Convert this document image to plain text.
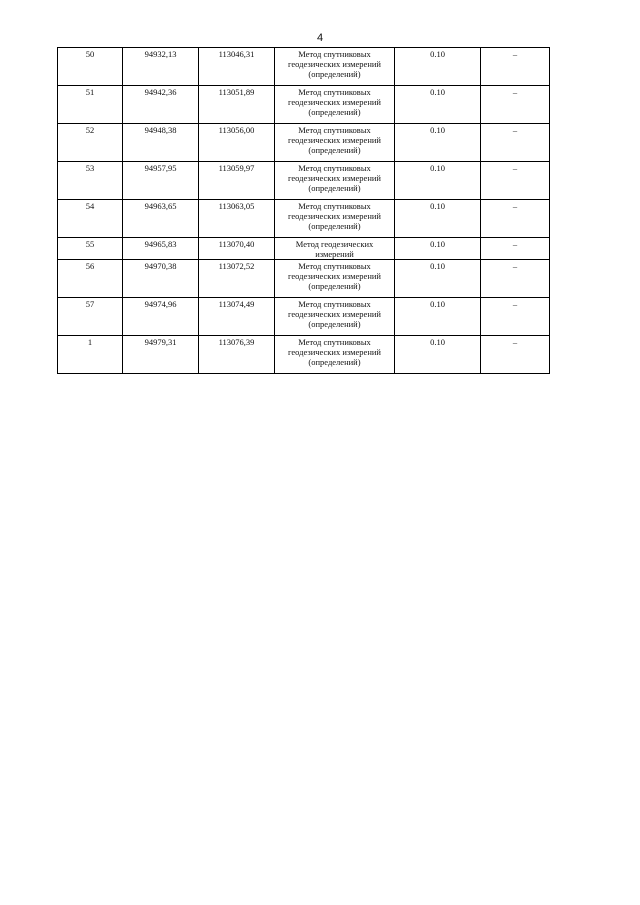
4
50	94932,13	113046,31	Метод спутниковых
геодезических измерений
(определений)	0.10	–
51	94942,36	113051,89	Метод спутниковых
геодезических измерений
(определений)	0.10	–
52	94948,38	113056,00	Метод спутниковых
геодезических измерений
(определений)	0.10	–
53	94957,95	113059,97	Метод спутниковых
геодезических измерений
(определений)	0.10	–
54	94963,65	113063,05	Метод спутниковых
геодезических измерений
(определений)	0.10	–
55	94965,83	113070,40	Метод геодезических измерений	0.10	–
56	94970,38	113072,52	Метод спутниковых
геодезических измерений
(определений)	0.10	–
57	94974,96	113074,49	Метод спутниковых
геодезических измерений
(определений)	0.10	–
1	94979,31	113076,39	Метод спутниковых
геодезических измерений
(определений)	0.10	–
